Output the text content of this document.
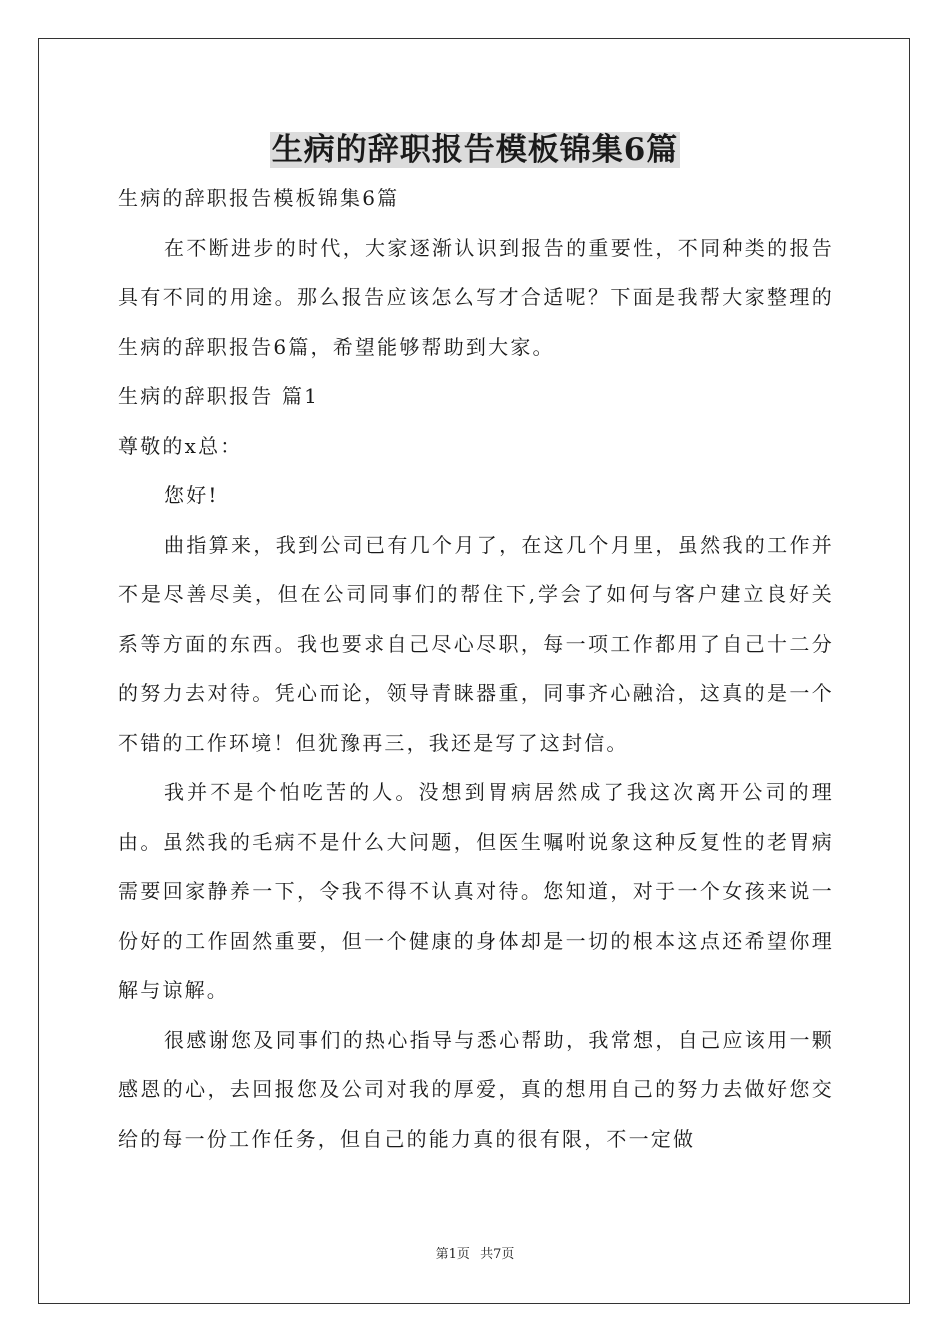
生病的辞职报告模板锦集6篇

生病的辞职报告模板锦集6篇

在不断进步的时代，大家逐渐认识到报告的重要性，不同种类的报告具有不同的用途。那么报告应该怎么写才合适呢？下面是我帮大家整理的生病的辞职报告6篇，希望能够帮助到大家。

生病的辞职报告 篇1

尊敬的x总：

您好!

曲指算来，我到公司已有几个月了，在这几个月里，虽然我的工作并不是尽善尽美，但在公司同事们的帮住下,学会了如何与客户建立良好关系等方面的东西。我也要求自己尽心尽职，每一项工作都用了自己十二分的努力去对待。凭心而论，领导青睐器重，同事齐心融洽，这真的是一个不错的工作环境！但犹豫再三，我还是写了这封信。

我并不是个怕吃苦的人。没想到胃病居然成了我这次离开公司的理由。虽然我的毛病不是什么大问题，但医生嘱咐说象这种反复性的老胃病需要回家静养一下，令我不得不认真对待。您知道，对于一个女孩来说一份好的工作固然重要，但一个健康的身体却是一切的根本这点还希望你理解与谅解。

很感谢您及同事们的热心指导与悉心帮助，我常想，自己应该用一颗感恩的心，去回报您及公司对我的厚爱，真的想用自己的努力去做好您交给的每一份工作任务，但自己的能力真的很有限，不一定做

第1页 共7页
